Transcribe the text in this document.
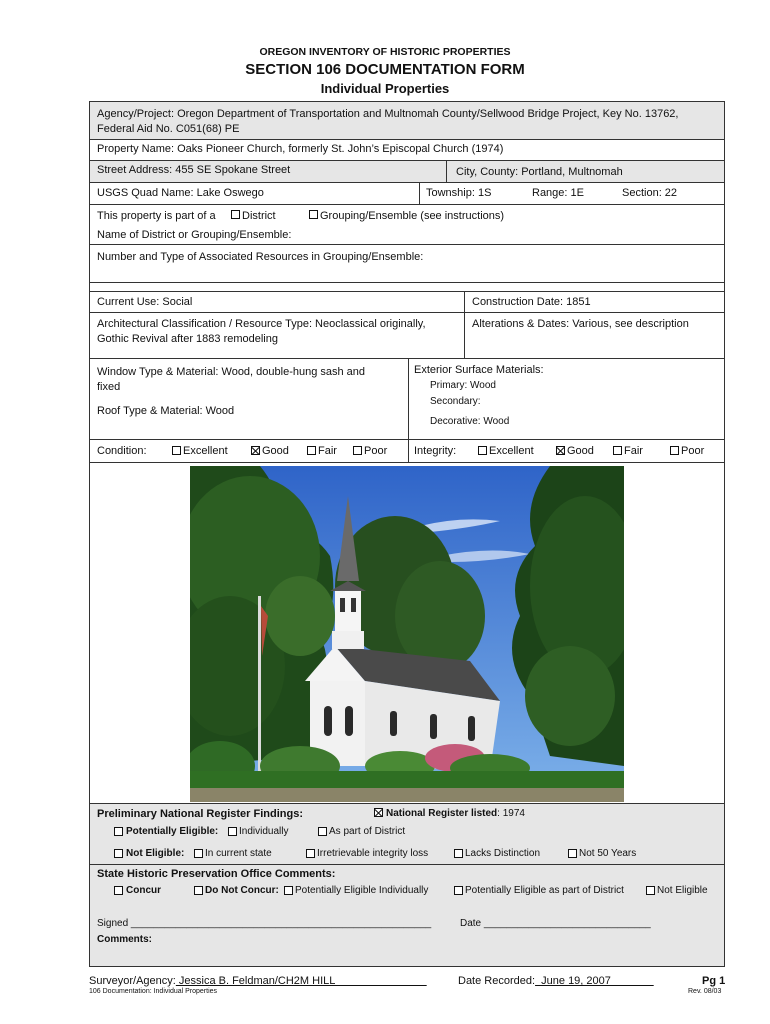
OREGON INVENTORY OF HISTORIC PROPERTIES
SECTION 106 DOCUMENTATION FORM
Individual Properties
Agency/Project: Oregon Department of Transportation and Multnomah County/Sellwood Bridge Project, Key No. 13762,
Federal Aid No. C051(68) PE
Property Name: Oaks Pioneer Church, formerly St. John’s Episcopal Church (1974)
Street Address: 455 SE Spokane Street	City, County: Portland, Multnomah
USGS Quad Name: Lake Oswego	Township: 1S	Range: 1E	Section: 22
This property is part of a District	Grouping/Ensemble (see instructions)
Name of District or Grouping/Ensemble:
Number and Type of Associated Resources in Grouping/Ensemble:
Current Use: Social	Construction Date: 1851
Architectural Classification / Resource Type: Neoclassical originally,
Gothic Revival after 1883 remodeling
Alterations & Dates: Various, see description
Window Type & Material: Wood, double-hung sash and
fixed
Roof Type & Material: Wood
Exterior Surface Materials:
Primary: Wood
Secondary:
Decorative: Wood
Condition:	Excellent	Good	Fair Poor Integrity:	Excellent	Good	Fair	Poor
Preliminary National Register Findings:	National Register listed: 1974
Potentially Eligible: Individually	As part of District
Not Eligible: In current state	Irretrievable integrity loss	Lacks Distinction	Not 50 Years
State Historic Preservation Office Comments:
Concur	Do Not Concur: Potentially Eligible Individually	Potentially Eligible as part of District	Not Eligible
Signed ______________________________________________________	Date ______________________________
Comments:
Surveyor/Agency: Jessica B. Feldman/CH2M HILL	Date Recorded:  June 19, 2007	Pg 1
106 Documentation: Individual Properties	Rev. 08/03
